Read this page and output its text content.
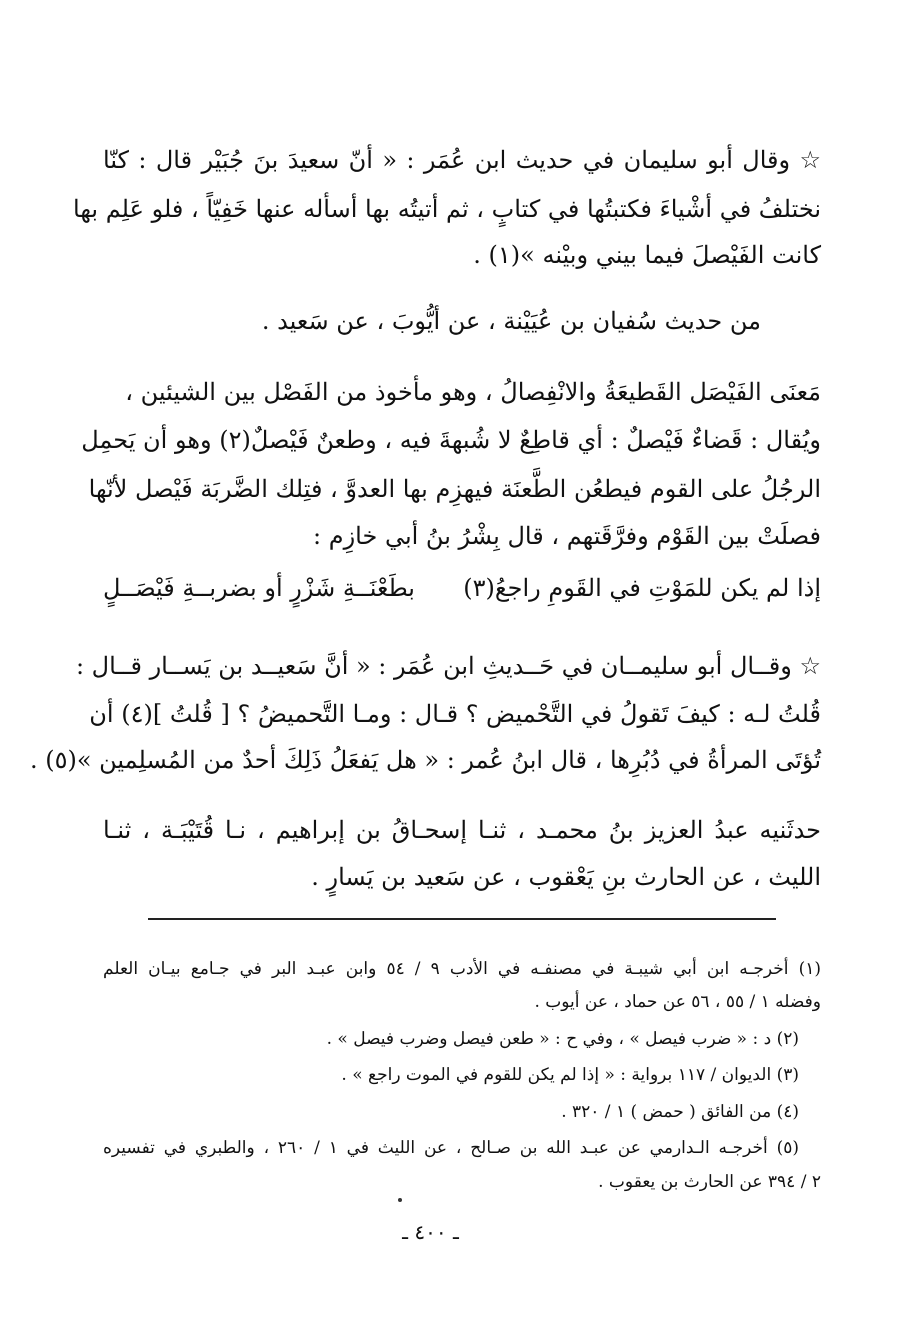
☆ وقال أبو سليمان في حديث ابن عُمَر : « أنّ سعيدَ بنَ جُبَيْر قال : كنّا
نختلفُ في أشْياءَ فكتبتُها في كتابٍ ، ثم أتيتُه بها أسأله عنها خَفِيّاً ، فلو عَلِم بها
كانت الفَيْصلَ فيما بيني وبيْنه »(١) .
من حديث سُفيان بن عُيَيْنة ، عن أيُّوبَ ، عن سَعيد .
مَعنَى الفَيْصَل القَطيعَةُ والانْفِصالُ ، وهو مأخوذ من الفَصْل بين الشيئين ،
ويُقال : قَضاءٌ فَيْصلٌ : أي قاطِعٌ لا شُبهةَ فيه ، وطعنٌ فَيْصلٌ(٢) وهو أن يَحمِل
الرجُلُ على القوم فيطعُن الطَّعنَة فيهزِم بها العدوَّ ، فتِلك الضَّربَة فَيْصل لأنّها
فصلَتْ بين القَوْم وفرَّقَتهم ، قال بِشْرُ بنُ أبي خازِم :
إذا لم يكن للمَوْتِ في القَومِ راجعُ(٣)
بطَعْنَــةِ شَزْرٍ أو بضربــةِ فَيْصَــلٍ
☆ وقــال أبو سليمــان في حَــديثِ ابن عُمَر : « أنَّ سَعيــد بن يَســار قــال :
قُلتُ لـه : كيفَ تَقولُ في التَّحْميض ؟ قـال : ومـا التَّحميضُ ؟ [ قُلتُ ](٤) أن
تُؤتَى المرأةُ في دُبُرِها ، قال ابنُ عُمر : « هل يَفعَلُ ذَلِكَ أحدٌ من المُسلِمين »(٥) .
حدثَنيه عبدُ العزيز بنُ محمـد ، ثنـا إسحـاقُ بن إبراهيم ، نـا قُتَيْبَـة ، ثنـا
الليث ، عن الحارث بنِ يَعْقوب ، عن سَعيد بن يَسارٍ .
(١) أخرجـه ابن أبي شيبـة في مصنفـه في الأدب ٩ / ٥٤ وابن عبـد البر في جـامع بيـان العلم
وفضله ١ / ٥٥ ، ٥٦ عن حماد ، عن أيوب .
(٢) د : « ضرب فيصل » ، وفي ح : « طعن فيصل وضرب فيصل » .
(٣) الديوان / ١١٧ برواية : « إذا لم يكن للقوم في الموت راجع » .
(٤) من الفائق ( حمض ) ١ / ٣٢٠ .
(٥) أخرجـه الـدارمي عن عبـد الله بن صـالح ، عن الليث في ١ / ٢٦٠ ، والطبري في تفسيره
٢ / ٣٩٤ عن الحارث بن يعقوب .
ـ ٤٠٠ ـ
